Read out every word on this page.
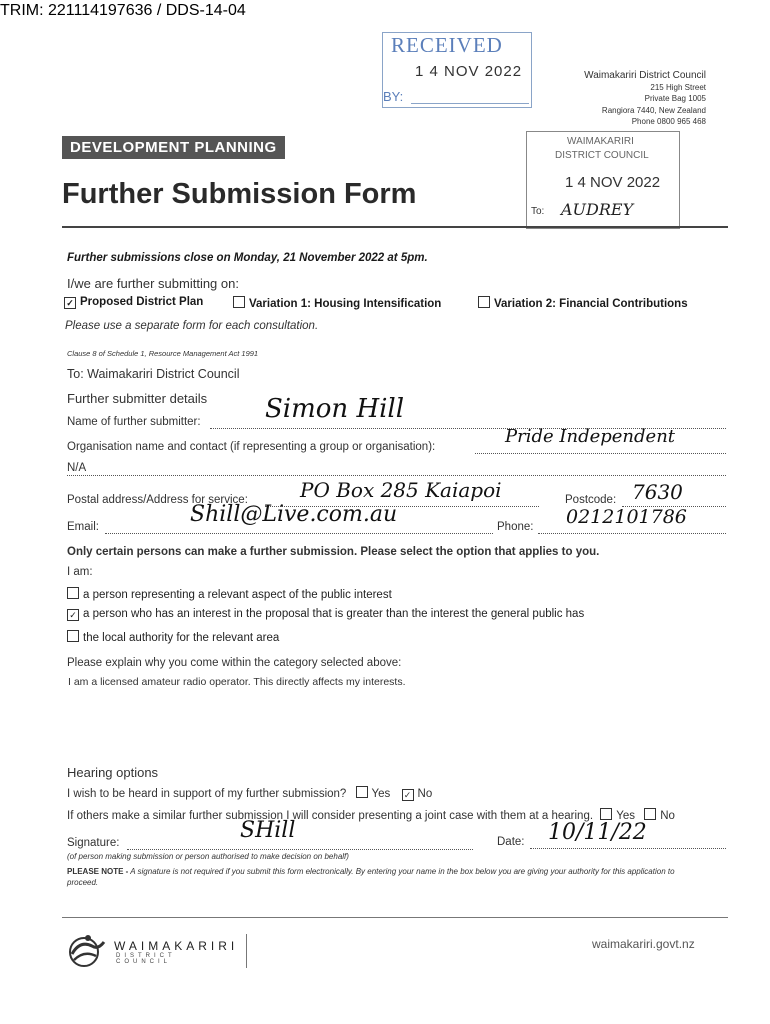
TRIM: 221114197636 / DDS-14-04
RECEIVED
1 4 NOV 2022
BY:
Waimakariri District Council
215 High Street
Private Bag 1005
Rangiora 7440, New Zealand
Phone 0800 965 468
DEVELOPMENT PLANNING	WAIMAKARIRI
DISTRICT COUNCIL
1 4 NOV 2022
To: AUDREY
Further Submission Form
Further submissions close on Monday, 21 November 2022 at 5pm.
I/we are further submitting on:
✓ Proposed District Plan	Variation 1: Housing Intensification	Variation 2: Financial Contributions
Please use a separate form for each consultation.
Clause 8 of Schedule 1, Resource Management Act 1991
To: Waimakariri District Council
Further submitter details
Name of further submitter: Simon Hill
Organisation name and contact (if representing a group or organisation):	Pride Independent
N/A
Postal address/Address for service:	PO Box 285 Kaiapoi	Postcode: 7630
Email:	Shill@Live.com.au	Phone: 0212101786
Only certain persons can make a further submission. Please select the option that applies to you.
I am:
a person representing a relevant aspect of the public interest
✓ a person who has an interest in the proposal that is greater than the interest the general public has
the local authority for the relevant area
Please explain why you come within the category selected above:
I am a licensed amateur radio operator. This directly affects my interests.
Hearing options
I wish to be heard in support of my further submission? Yes ✓ No
If others make a similar further submission I will consider presenting a joint case with them at a hearing. Yes No
Signature:	SHill	Date: 10/11/22
(of person making submission or person authorised to make decision on behalf)
PLEASE NOTE - A signature is not required if you submit this form electronically. By entering your name in the box below you are giving your authority for this application to proceed.
WAIMAKARIRI
DISTRICT COUNCIL
waimakariri.govt.nz
